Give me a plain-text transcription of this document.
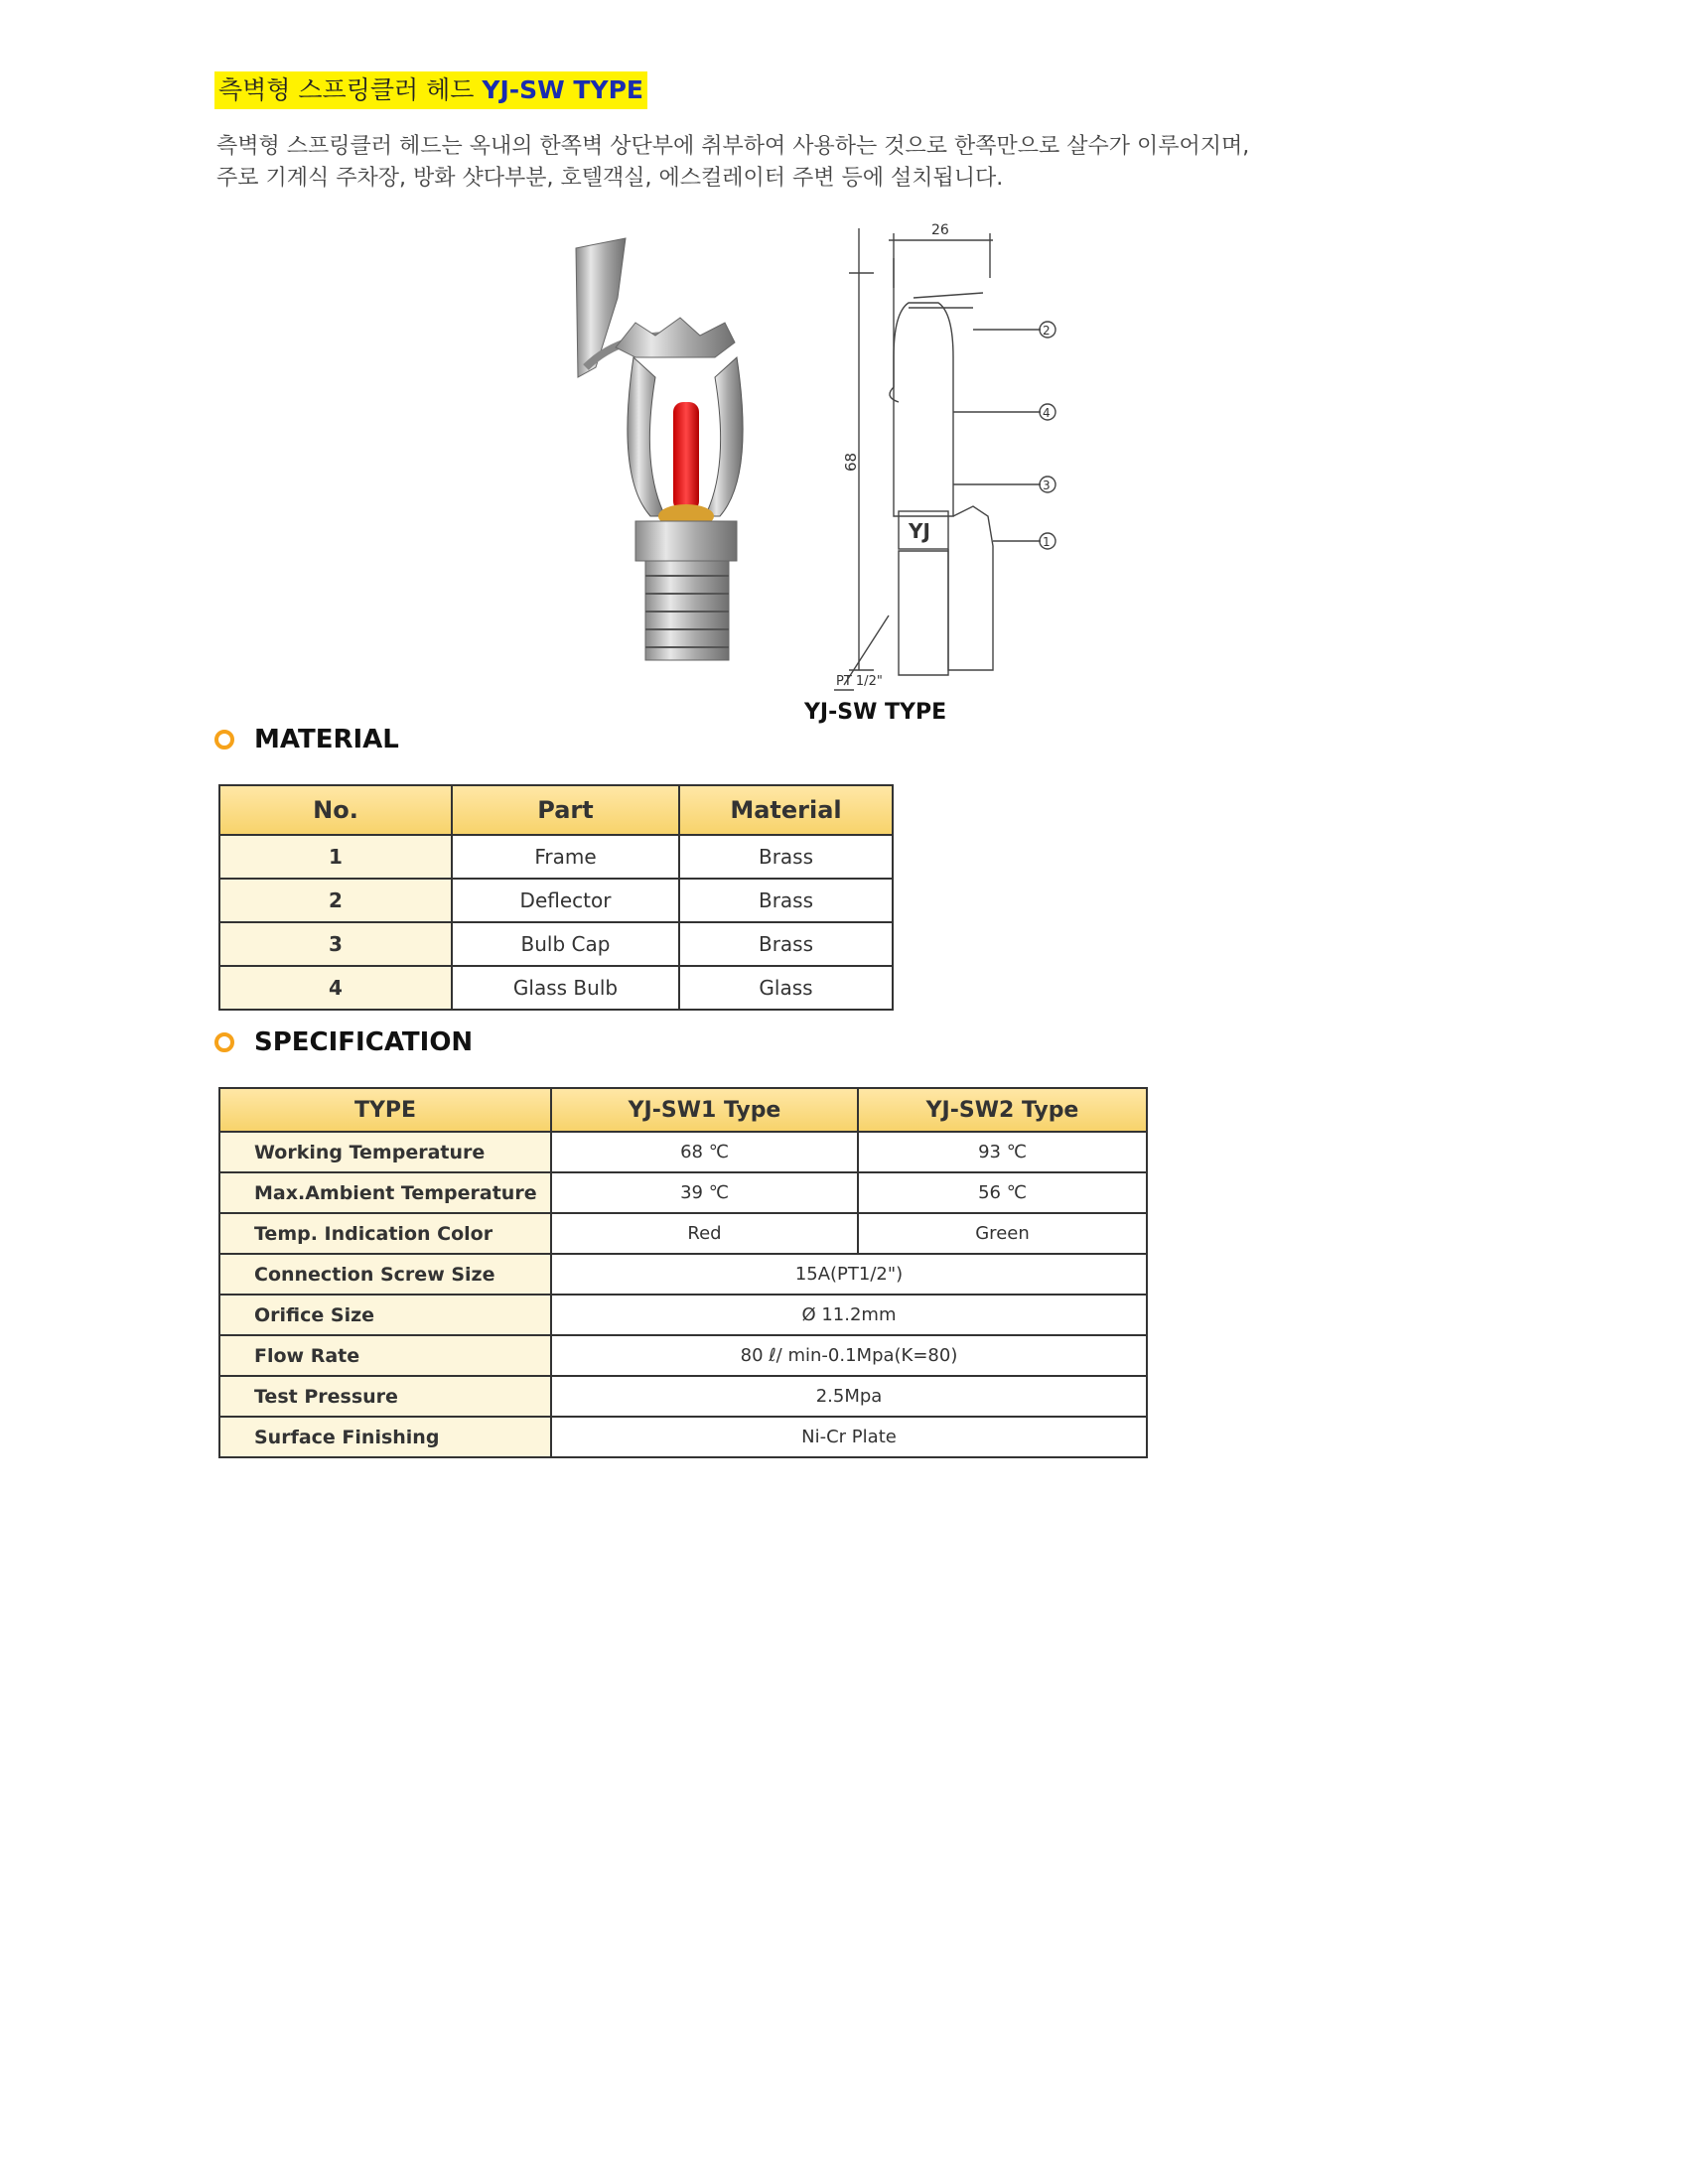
측벽형 스프링클러 헤드 YJ-SW TYPE
측벽형 스프링클러 헤드는 옥내의 한쪽벽 상단부에 취부하여 사용하는 것으로 한쪽만으로 살수가 이루어지며,
주로 기계식 주차장, 방화 샷다부분, 호텔객실, 에스컬레이터 주변 등에 설치됩니다.
26
68
PT 1/2"
YJ
2
4
3
1
YJ-SW TYPE
MATERIAL
No.	Part	Material
1	Frame	Brass
2	Deflector	Brass
3	Bulb Cap	Brass
4	Glass Bulb	Glass
SPECIFICATION
TYPE	YJ-SW1 Type	YJ-SW2 Type
Working Temperature	68 ℃	93 ℃
Max.Ambient Temperature	39 ℃	56 ℃
Temp. Indication Color	Red	Green
Connection Screw Size	15A(PT1/2")	
Orifice Size	Ø 11.2mm	
Flow Rate	80 ℓ/ min-0.1Mpa(K=80)	
Test Pressure	2.5Mpa	
Surface Finishing	Ni-Cr Plate	
